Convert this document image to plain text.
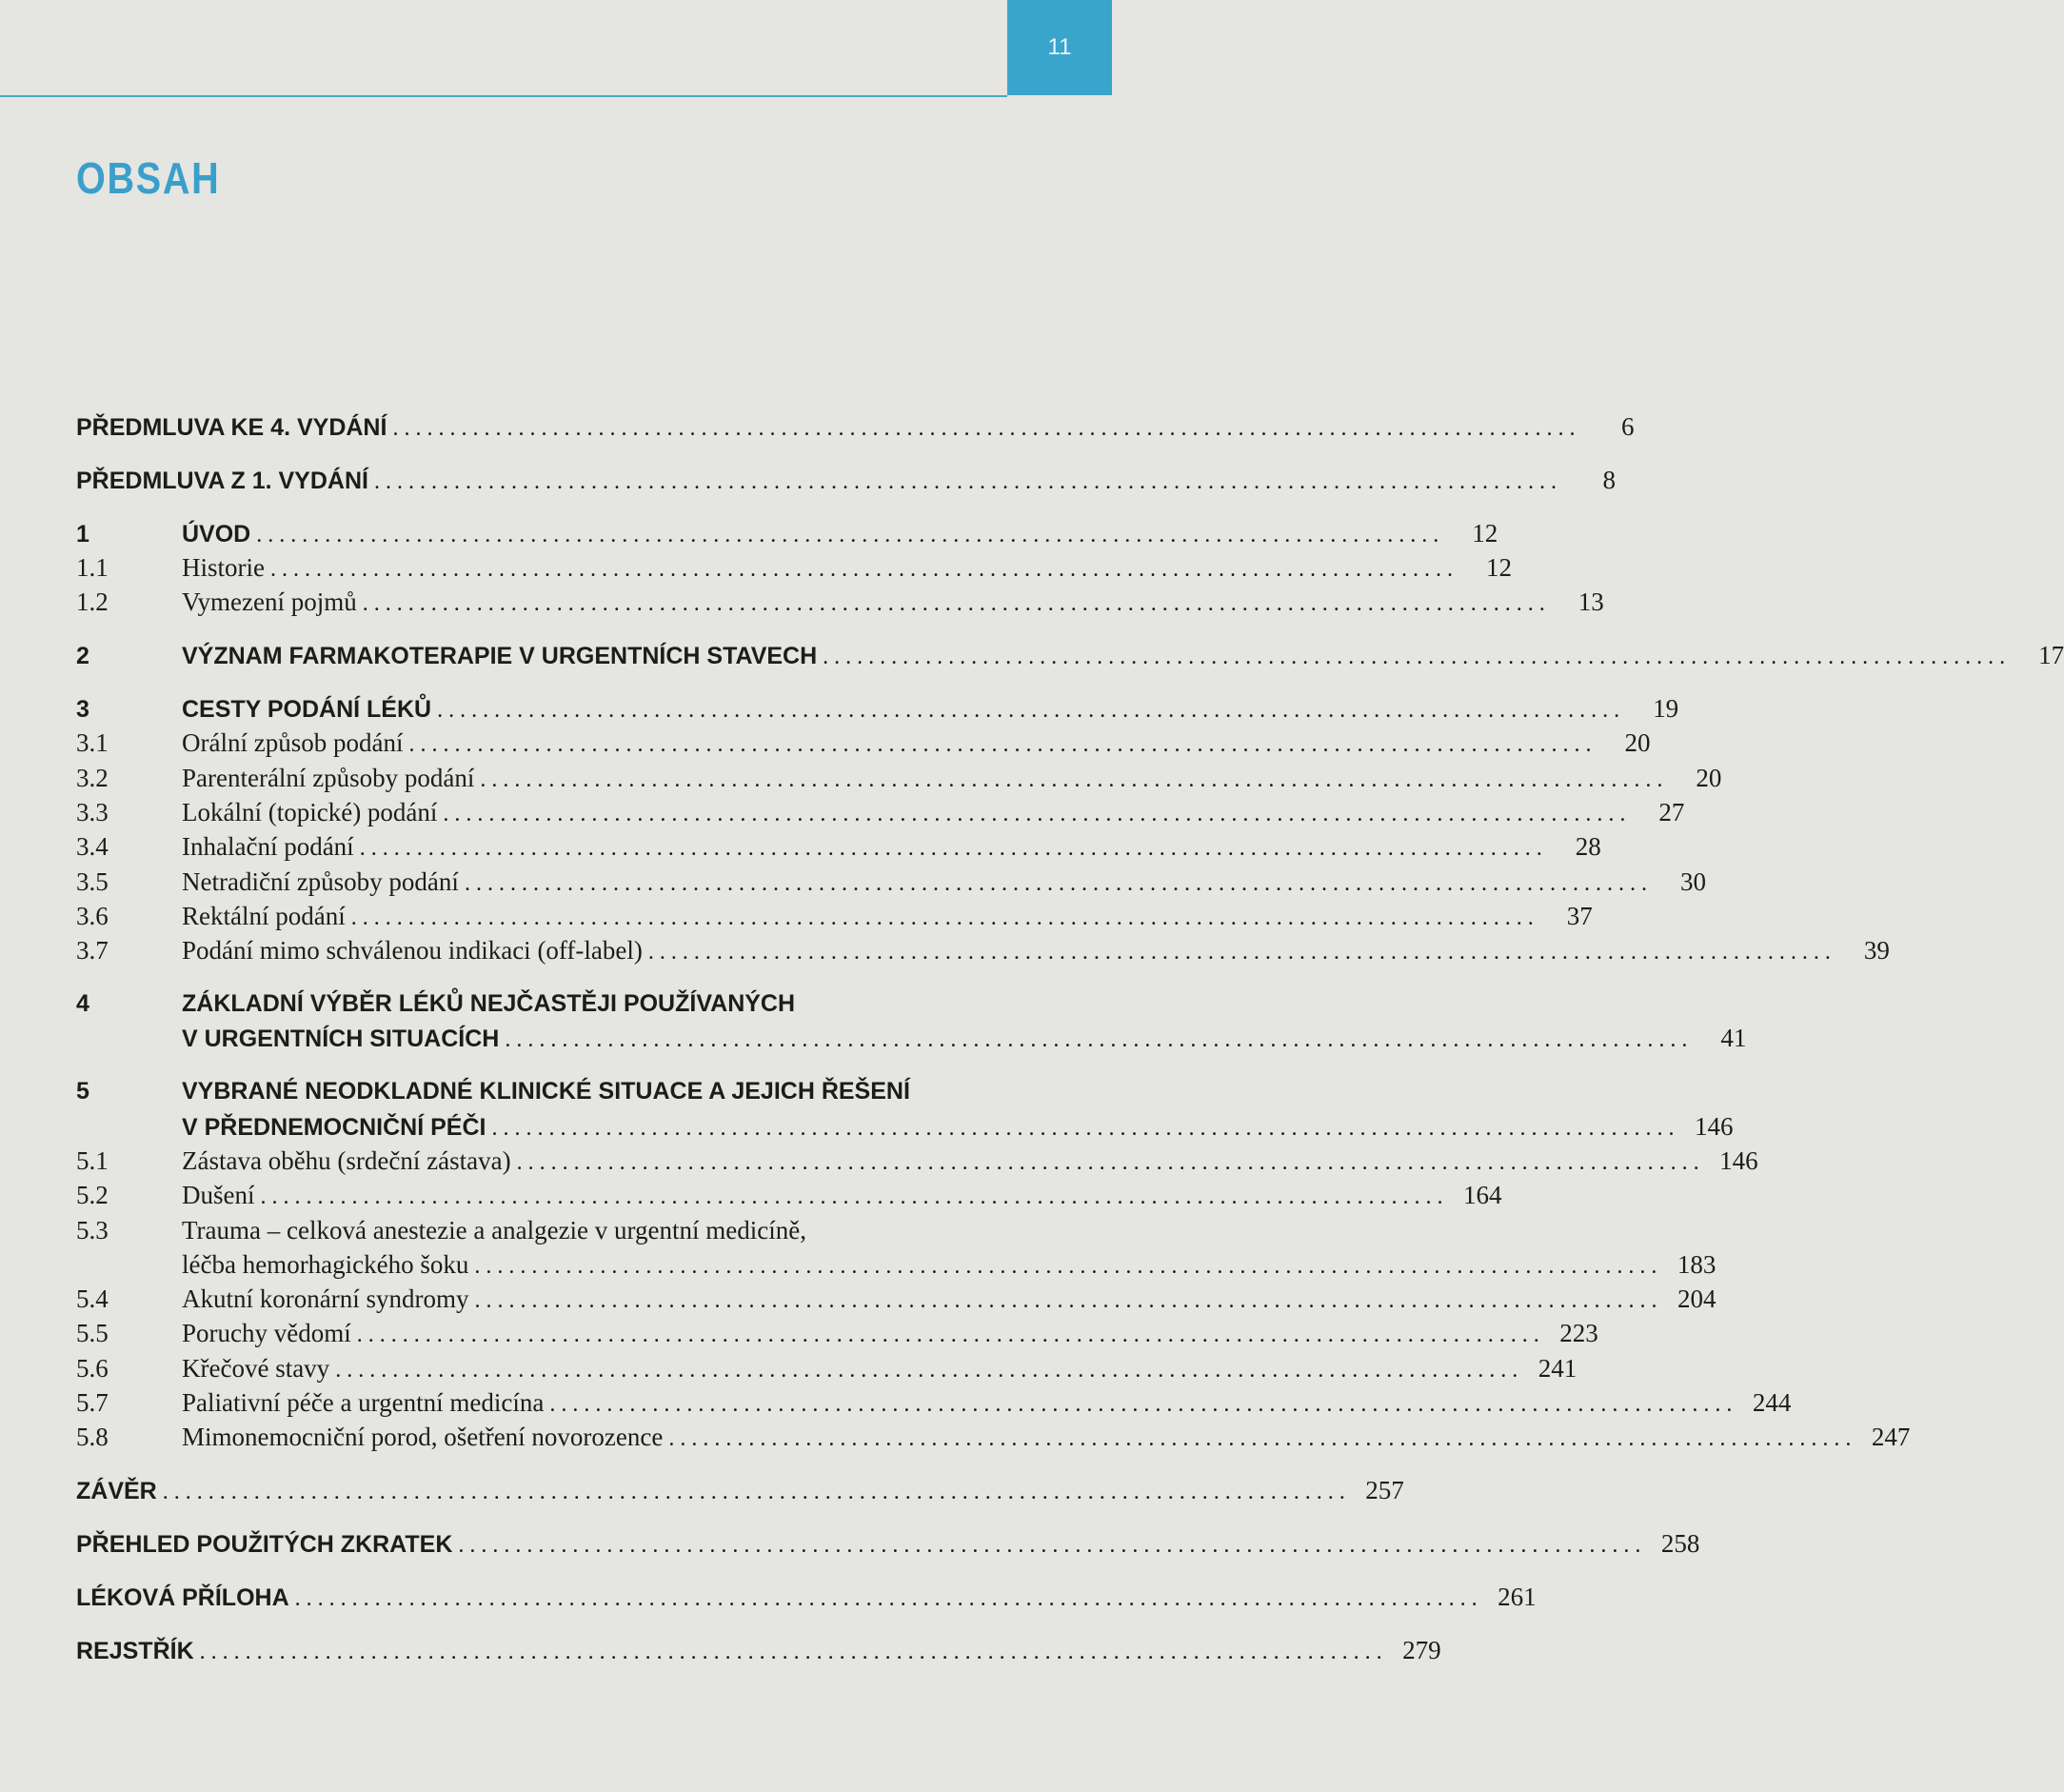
11
OBSAH
PŘEDMLUVA KE 4. VYDÁNÍ ........................................................................................................	6
PŘEDMLUVA Z 1. VYDÁNÍ ........................................................................................................	8
1	ÚVOD ........................................................................................................	12
1.1	Historie ........................................................................................................	12
1.2	Vymezení pojmů ........................................................................................................	13
2	VÝZNAM FARMAKOTERAPIE V URGENTNÍCH STAVECH ........................................................................................................	17
3	CESTY PODÁNÍ LÉKŮ ........................................................................................................	19
3.1	Orální způsob podání ........................................................................................................	20
3.2	Parenterální způsoby podání ........................................................................................................	20
3.3	Lokální (topické) podání ........................................................................................................	27
3.4	Inhalační podání ........................................................................................................	28
3.5	Netradiční způsoby podání ........................................................................................................	30
3.6	Rektální podání ........................................................................................................	37
3.7	Podání mimo schválenou indikaci (off-label) ........................................................................................................	39
4	ZÁKLADNÍ VÝBĚR LÉKŮ NEJČASTĚJI POUŽÍVANÝCH
V URGENTNÍCH SITUACÍCH ........................................................................................................	41
5	VYBRANÉ NEODKLADNÉ KLINICKÉ SITUACE A JEJICH ŘEŠENÍ
V PŘEDNEMOCNIČNÍ PÉČI ........................................................................................................ 146
5.1	Zástava oběhu (srdeční zástava) ........................................................................................................ 146
5.2	Dušení ........................................................................................................ 164
5.3	Trauma – celková anestezie a analgezie v urgentní medicíně,
léčba hemorhagického šoku ........................................................................................................ 183
5.4	Akutní koronární syndromy ........................................................................................................ 204
5.5	Poruchy vědomí ........................................................................................................ 223
5.6	Křečové stavy ........................................................................................................ 241
5.7	Paliativní péče a urgentní medicína ........................................................................................................ 244
5.8	Mimonemocniční porod, ošetření novorozence ........................................................................................................ 247
ZÁVĚR ........................................................................................................ 257
PŘEHLED POUŽITÝCH ZKRATEK ........................................................................................................ 258
LÉKOVÁ PŘÍLOHA ........................................................................................................ 261
REJSTŘÍK ........................................................................................................ 279
